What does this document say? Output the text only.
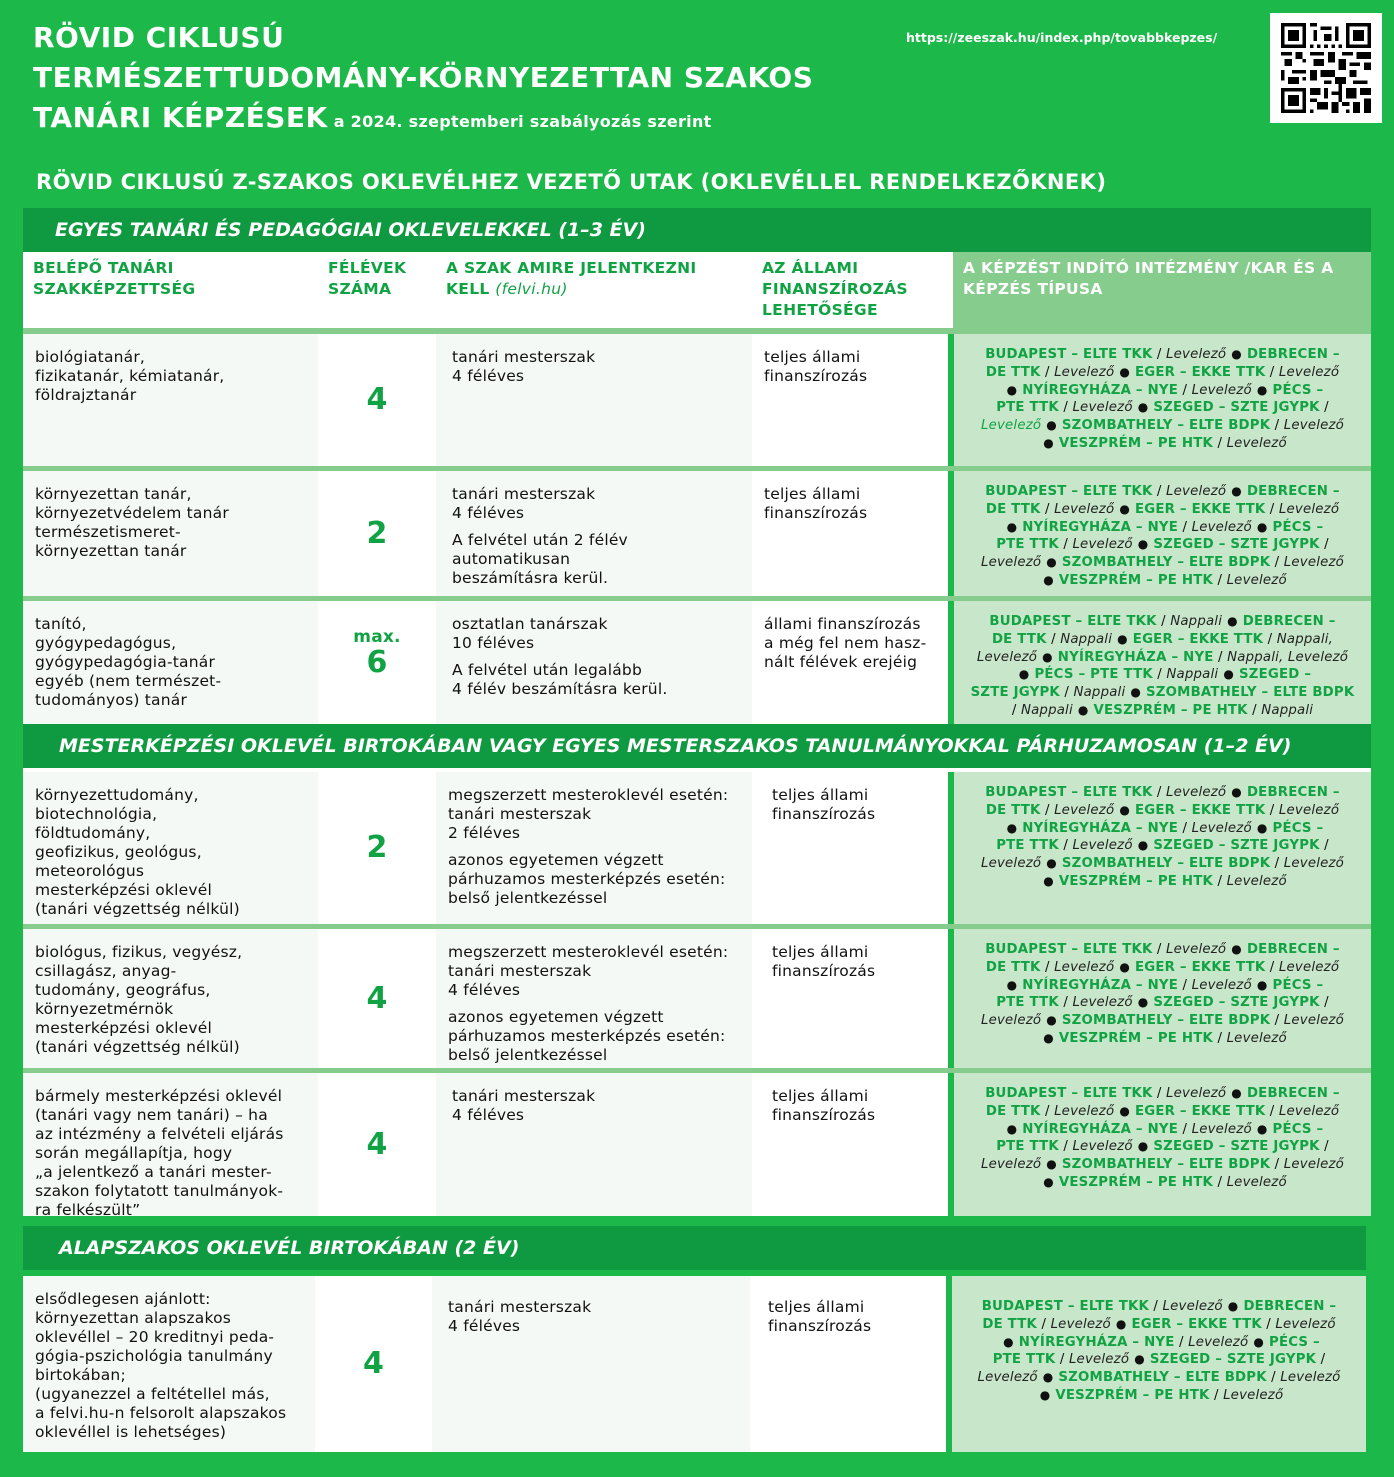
RÖVID CIKLUSÚ
TERMÉSZETTUDOMÁNY-KÖRNYEZETTAN SZAKOS
TANÁRI KÉPZÉSEK a 2024. szeptemberi szabályozás szerint
https://zeeszak.hu/index.php/tovabbkepzes/
RÖVID CIKLUSÚ Z-SZAKOS OKLEVÉLHEZ VEZETŐ UTAK (OKLEVÉLLEL RENDELKEZŐKNEK)
EGYES TANÁRI ÉS PEDAGÓGIAI OKLEVELEKKEL (1–3 ÉV)
BELÉPŐ TANÁRI SZAKKÉPZETTSÉG
FÉLÉVEK SZÁMA
A SZAK AMIRE JELENTKEZNI KELL (felvi.hu)
AZ ÁLLAMI FINANSZÍROZÁS LEHETŐSÉGE
A KÉPZÉST INDÍTÓ INTÉZMÉNY /KAR ÉS A KÉPZÉS TÍPUSA
biológiatanár,
fizikatanár, kémiatanár,
földrajztanár	4

tanári mesterszak
4 féléves

teljes állami
finanszírozás
BUDAPEST – ELTE TKK / Levelező ● DEBRECEN –
DE TTK / Levelező ● EGER – EKKE TTK / Levelező
● NYÍREGYHÁZA – NYE / Levelező ● PÉCS –
PTE TTK / Levelező ● SZEGED – SZTE JGYPK /
Levelező ● SZOMBATHELY – ELTE BDPK / Levelező
● VESZPRÉM – PE HTK / Levelező
környezettan tanár,
környezetvédelem tanár
természetismeret-
környezettan tanár
2

tanári mesterszak
4 féléves

A felvétel után 2 félév
automatikusan
beszámításra kerül.

teljes állami
finanszírozás
BUDAPEST – ELTE TKK / Levelező ● DEBRECEN –
DE TTK / Levelező ● EGER – EKKE TTK / Levelező
● NYÍREGYHÁZA – NYE / Levelező ● PÉCS –
PTE TTK / Levelező ● SZEGED – SZTE JGYPK /
Levelező ● SZOMBATHELY – ELTE BDPK / Levelező
● VESZPRÉM – PE HTK / Levelező
tanító,
gyógypedagógus,
gyógypedagógia-tanár
egyéb (nem természet-
tudományos) tanár
max.
6

osztatlan tanárszak
10 féléves

A felvétel után legalább
4 félév beszámításra kerül.

állami finanszírozás
a még fel nem hasz-
nált félévek erejéig
BUDAPEST – ELTE TKK / Nappali ● DEBRECEN –
DE TTK / Nappali ● EGER – EKKE TTK / Nappali,
Levelező ● NYÍREGYHÁZA – NYE / Nappali, Levelező
● PÉCS – PTE TTK / Nappali ● SZEGED –
SZTE JGYPK / Nappali ● SZOMBATHELY – ELTE BDPK
/ Nappali ● VESZPRÉM – PE HTK / Nappali
MESTERKÉPZÉSI OKLEVÉL BIRTOKÁBAN VAGY EGYES MESTERSZAKOS TANULMÁNYOKKAL PÁRHUZAMOSAN (1–2 ÉV)
környezettudomány,
biotechnológia,
földtudomány,
geofizikus, geológus,
meteorológus
mesterképzési oklevél
(tanári végzettség nélkül)
2

megszerzett mesteroklevél esetén:
tanári mesterszak
2 féléves

azonos egyetemen végzett
párhuzamos mesterképzés esetén:
belső jelentkezéssel

teljes állami
finanszírozás
BUDAPEST – ELTE TKK / Levelező ● DEBRECEN –
DE TTK / Levelező ● EGER – EKKE TTK / Levelező
● NYÍREGYHÁZA – NYE / Levelező ● PÉCS –
PTE TTK / Levelező ● SZEGED – SZTE JGYPK /
Levelező ● SZOMBATHELY – ELTE BDPK / Levelező
● VESZPRÉM – PE HTK / Levelező
biológus, fizikus, vegyész,
csillagász, anyag-
tudomány, geográfus,
környezetmérnök
mesterképzési oklevél
(tanári végzettség nélkül)
4

megszerzett mesteroklevél esetén:
tanári mesterszak
4 féléves

azonos egyetemen végzett
párhuzamos mesterképzés esetén:
belső jelentkezéssel

teljes állami
finanszírozás
BUDAPEST – ELTE TKK / Levelező ● DEBRECEN –
DE TTK / Levelező ● EGER – EKKE TTK / Levelező
● NYÍREGYHÁZA – NYE / Levelező ● PÉCS –
PTE TTK / Levelező ● SZEGED – SZTE JGYPK /
Levelező ● SZOMBATHELY – ELTE BDPK / Levelező
● VESZPRÉM – PE HTK / Levelező
bármely mesterképzési oklevél
(tanári vagy nem tanári) – ha
az intézmény a felvételi eljárás
során megállapítja, hogy
„a jelentkező a tanári mester-
szakon folytatott tanulmányok-
ra felkészült”
4

tanári mesterszak
4 féléves

teljes állami
finanszírozás
BUDAPEST – ELTE TKK / Levelező ● DEBRECEN –
DE TTK / Levelező ● EGER – EKKE TTK / Levelező
● NYÍREGYHÁZA – NYE / Levelező ● PÉCS –
PTE TTK / Levelező ● SZEGED – SZTE JGYPK /
Levelező ● SZOMBATHELY – ELTE BDPK / Levelező
● VESZPRÉM – PE HTK / Levelező
ALAPSZAKOS OKLEVÉL BIRTOKÁBAN (2 ÉV)
elsődlegesen ajánlott:
környezettan alapszakos
oklevéllel – 20 kreditnyi peda-
gógia-pszichológia tanulmány
birtokában;
(ugyanezzel a feltétellel más,
a felvi.hu-n felsorolt alapszakos
oklevéllel is lehetséges)
4

tanári mesterszak
4 féléves

teljes állami
finanszírozás
BUDAPEST – ELTE TKK / Levelező ● DEBRECEN –
DE TTK / Levelező ● EGER – EKKE TTK / Levelező
● NYÍREGYHÁZA – NYE / Levelező ● PÉCS –
PTE TTK / Levelező ● SZEGED – SZTE JGYPK /
Levelező ● SZOMBATHELY – ELTE BDPK / Levelező
● VESZPRÉM – PE HTK / Levelező
